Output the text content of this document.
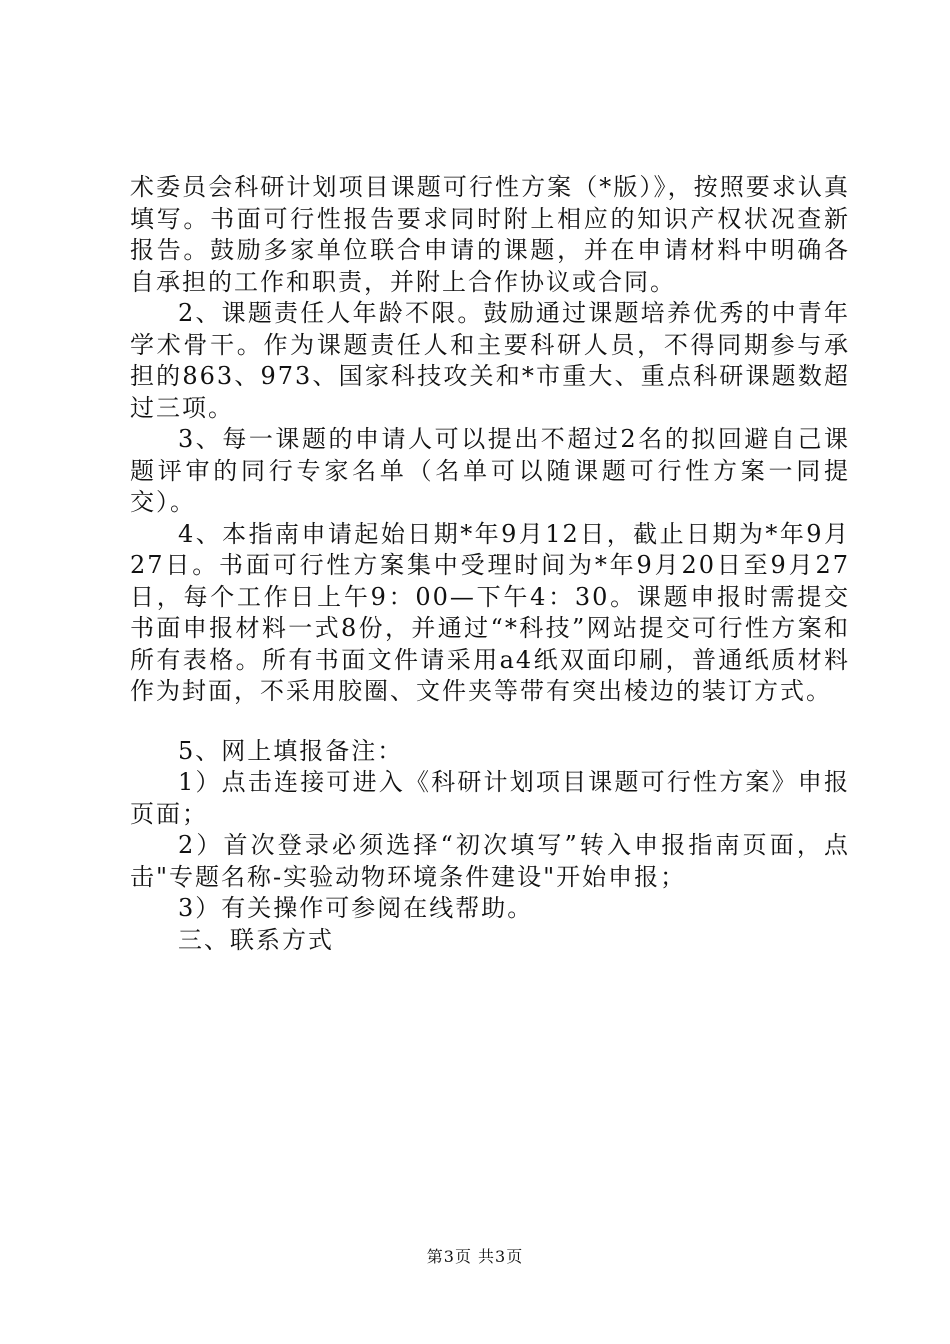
术委员会科研计划项目课题可行性方案（*版）》，按照要求认真填写。书面可行性报告要求同时附上相应的知识产权状况查新报告。鼓励多家单位联合申请的课题，并在申请材料中明确各自承担的工作和职责，并附上合作协议或合同。

2、课题责任人年龄不限。鼓励通过课题培养优秀的中青年学术骨干。作为课题责任人和主要科研人员，不得同期参与承担的863、973、国家科技攻关和*市重大、重点科研课题数超过三项。

3、每一课题的申请人可以提出不超过2名的拟回避自己课题评审的同行专家名单（名单可以随课题可行性方案一同提交）。

4、本指南申请起始日期*年9月12日，截止日期为*年9月27日。书面可行性方案集中受理时间为*年9月20日至9月27日，每个工作日上午9：00—下午4：30。课题申报时需提交书面申报材料一式8份，并通过“*科技”网站提交可行性方案和所有表格。所有书面文件请采用a4纸双面印刷，普通纸质材料作为封面，不采用胶圈、文件夹等带有突出棱边的装订方式。

5、网上填报备注：

1）点击连接可进入《科研计划项目课题可行性方案》申报页面；

2）首次登录必须选择“初次填写”转入申报指南页面，点击"专题名称-实验动物环境条件建设"开始申报；

3）有关操作可参阅在线帮助。

三、联系方式

第3页 共3页
